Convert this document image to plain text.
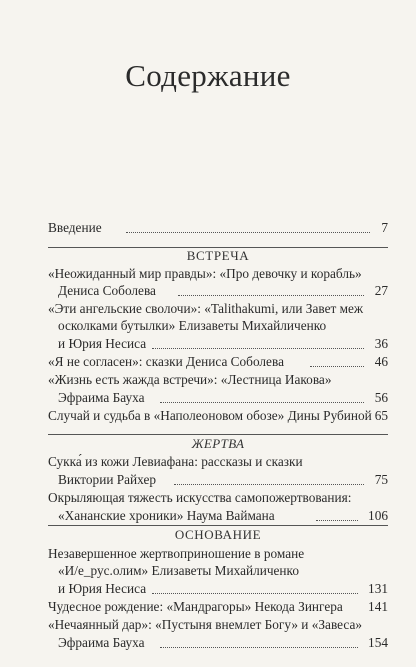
Содержание
Введение	7
ВСТРЕЧА
«Неожиданный мир правды»: «Про девочку и корабль»
Дениса Соболева	27
«Эти ангельские сволочи»: «Talithakumi, или Завет меж
осколками бутылки» Елизаветы Михайличенко
и Юрия Несиса	36
«Я не согласен»: сказки Дениса Соболева	46
«Жизнь есть жажда встречи»: «Лестница Иакова»
Эфраима Бауха	56
Случай и судьба в «Наполеоновом обозе» Дины Рубиной 65
ЖЕРТВА
Сукка́ из кожи Левиафана: рассказы и сказки
Виктории Райхер	75
Окрыляющая тяжесть искусства самопожертвования:
«Хананские хроники» Наума Ваймана	106
ОСНОВАНИЕ
Незавершенное жертвоприношение в романе
«И/е_рус.олим» Елизаветы Михайличенко
и Юрия Несиса	131
Чудесное рождение: «Мандрагоры» Некода Зингера 141
«Нечаянный дар»: «Пустыня внемлет Богу» и «Завеса»
Эфраима Бауха	154
